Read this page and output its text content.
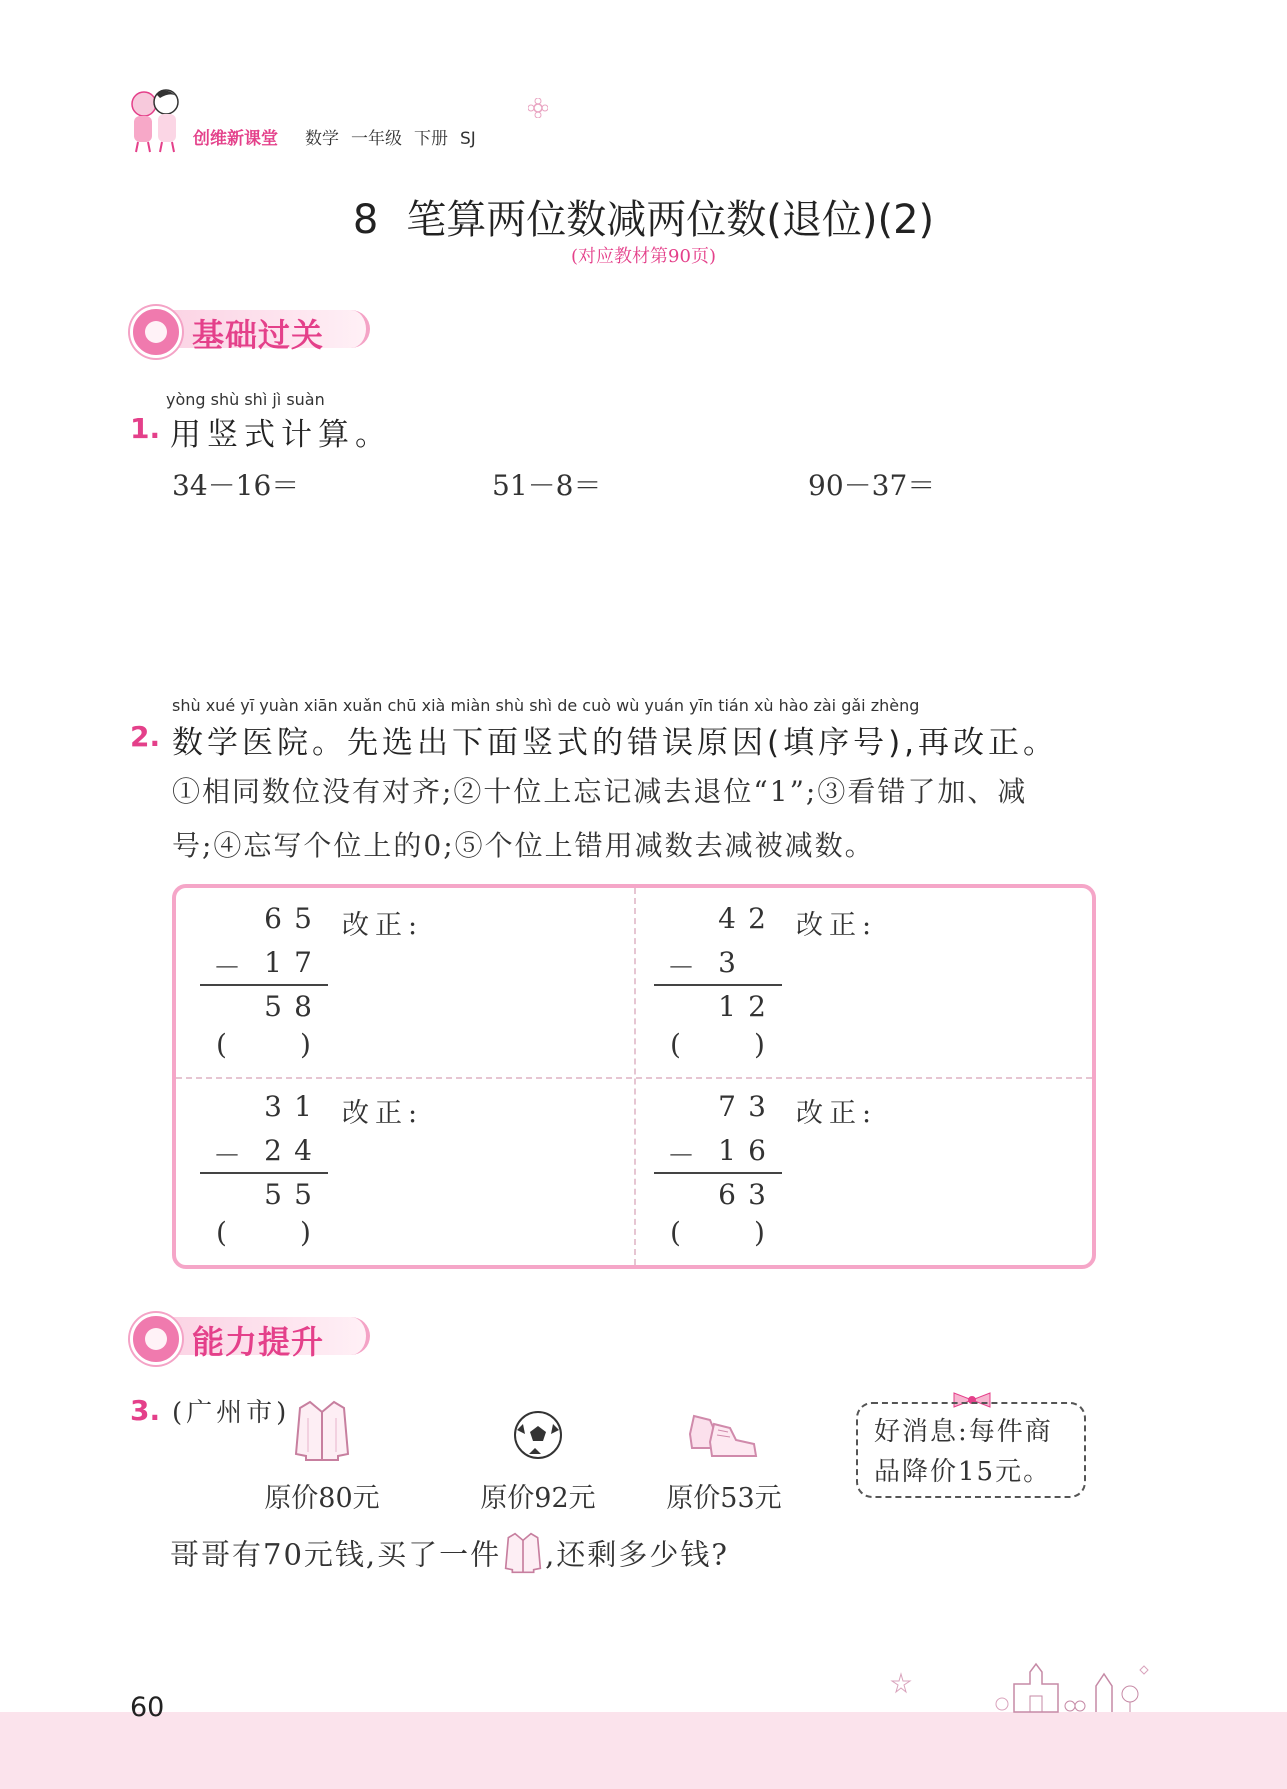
创维新课堂 数学 一年级 下册 SJ
8 笔算两位数减两位数(退位)(2)
(对应教材第90页)
基础过关
yòng shù shì jì suàn
1. 用竖式计算。
34－16＝	51－8＝	90－37＝
shù xué yī yuàn xiān xuǎn chū xià miàn shù shì de cuò wù yuán yīn tián xù hào zài gǎi zhèng
2. 数学医院。先选出下面竖式的错误原因(填序号),再改正。
①相同数位没有对齐;②十位上忘记减去退位“1”;③看错了加、减
号;④忘写个位上的0;⑤个位上错用减数去减被减数。
6 5
－ 1 7
5 8
(	)
改正:	4 2
－ 3
1 2
(	)
改正:
3 1
－ 2 4
5 5
(	)
改正:	7 3
－ 1 6
6 3
(	)
改正:
能力提升
3. (广州市)
原价80元	原价92元	原价53元
好消息:每件商
品降价15元。
哥哥有70元钱,买了一件 ,还剩多少钱?
60
